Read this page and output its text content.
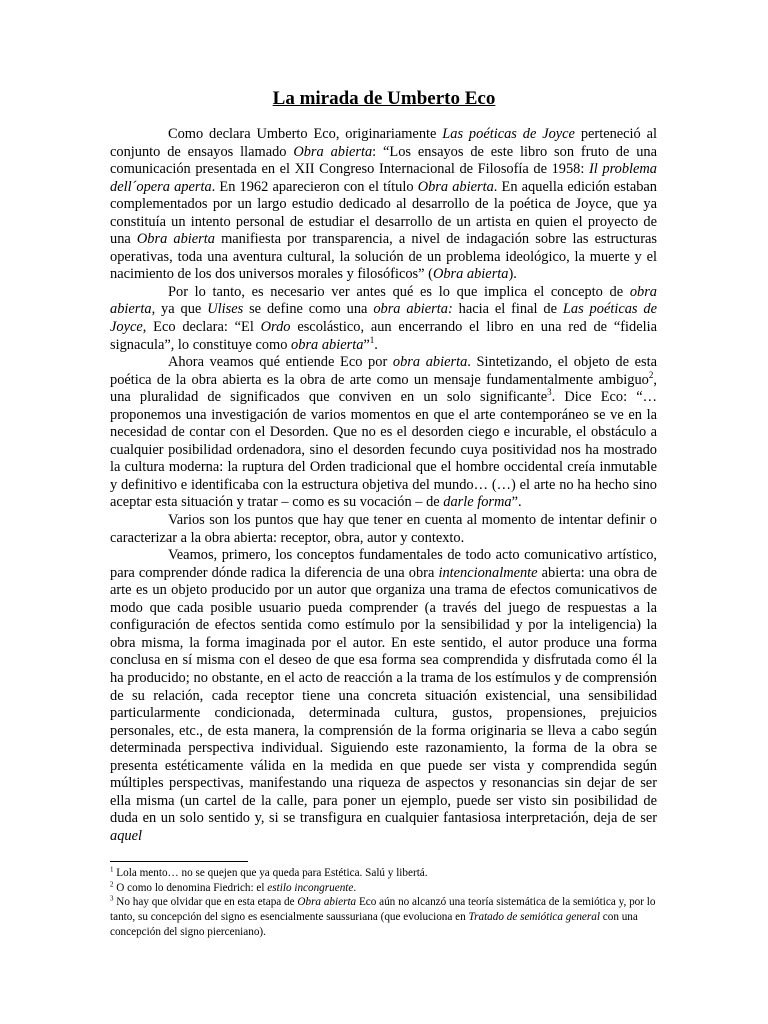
La mirada de Umberto Eco

Como declara Umberto Eco, originariamente Las poéticas de Joyce perteneció al conjunto de ensayos llamado Obra abierta: “Los ensayos de este libro son fruto de una comunicación presentada en el XII Congreso Internacional de Filosofía de 1958: Il problema dell´opera aperta. En 1962 aparecieron con el título Obra abierta. En aquella edición estaban complementados por un largo estudio dedicado al desarrollo de la poética de Joyce, que ya constituía un intento personal de estudiar el desarrollo de un artista en quien el proyecto de una Obra abierta manifiesta por transparencia, a nivel de indagación sobre las estructuras operativas, toda una aventura cultural, la solución de un problema ideológico, la muerte y el nacimiento de los dos universos morales y filosóficos” (Obra abierta).

Por lo tanto, es necesario ver antes qué es lo que implica el concepto de obra abierta, ya que Ulises se define como una obra abierta: hacia el final de Las poéticas de Joyce, Eco declara: “El Ordo escolástico, aun encerrando el libro en una red de “fidelia signacula”, lo constituye como obra abierta”$^1$.

Ahora veamos qué entiende Eco por obra abierta. Sintetizando, el objeto de esta poética de la obra abierta es la obra de arte como un mensaje fundamentalmente ambiguo$^2$, una pluralidad de significados que conviven en un solo significante$^3$. Dice Eco: “… proponemos una investigación de varios momentos en que el arte contemporáneo se ve en la necesidad de contar con el Desorden. Que no es el desorden ciego e incurable, el obstáculo a cualquier posibilidad ordenadora, sino el desorden fecundo cuya positividad nos ha mostrado la cultura moderna: la ruptura del Orden tradicional que el hombre occidental creía inmutable y definitivo e identificaba con la estructura objetiva del mundo… (…) el arte no ha hecho sino aceptar esta situación y tratar – como es su vocación – de darle forma”.

Varios son los puntos que hay que tener en cuenta al momento de intentar definir o caracterizar a la obra abierta: receptor, obra, autor y contexto.

Veamos, primero, los conceptos fundamentales de todo acto comunicativo artístico, para comprender dónde radica la diferencia de una obra intencionalmente abierta: una obra de arte es un objeto producido por un autor que organiza una trama de efectos comunicativos de modo que cada posible usuario pueda comprender (a través del juego de respuestas a la configuración de efectos sentida como estímulo por la sensibilidad y por la inteligencia) la obra misma, la forma imaginada por el autor. En este sentido, el autor produce una forma conclusa en sí misma con el deseo de que esa forma sea comprendida y disfrutada como él la ha producido; no obstante, en el acto de reacción a la trama de los estímulos y de comprensión de su relación, cada receptor tiene una concreta situación existencial, una sensibilidad particularmente condicionada, determinada cultura, gustos, propensiones, prejuicios personales, etc., de esta manera, la comprensión de la forma originaria se lleva a cabo según determinada perspectiva individual. Siguiendo este razonamiento, la forma de la obra se presenta estéticamente válida en la medida en que puede ser vista y comprendida según múltiples perspectivas, manifestando una riqueza de aspectos y resonancias sin dejar de ser ella misma (un cartel de la calle, para poner un ejemplo, puede ser visto sin posibilidad de duda en un solo sentido y, si se transfigura en cualquier fantasiosa interpretación, deja de ser aquel

$^1$ Lola mento… no se quejen que ya queda para Estética. Salú y libertá.

$^2$ O como lo denomina Fiedrich: el estilo incongruente.

$^3$ No hay que olvidar que en esta etapa de Obra abierta Eco aún no alcanzó una teoría sistemática de la semiótica y, por lo tanto, su concepción del signo es esencialmente saussuriana (que evoluciona en Tratado de semiótica general con una concepción del signo pierceniano).
